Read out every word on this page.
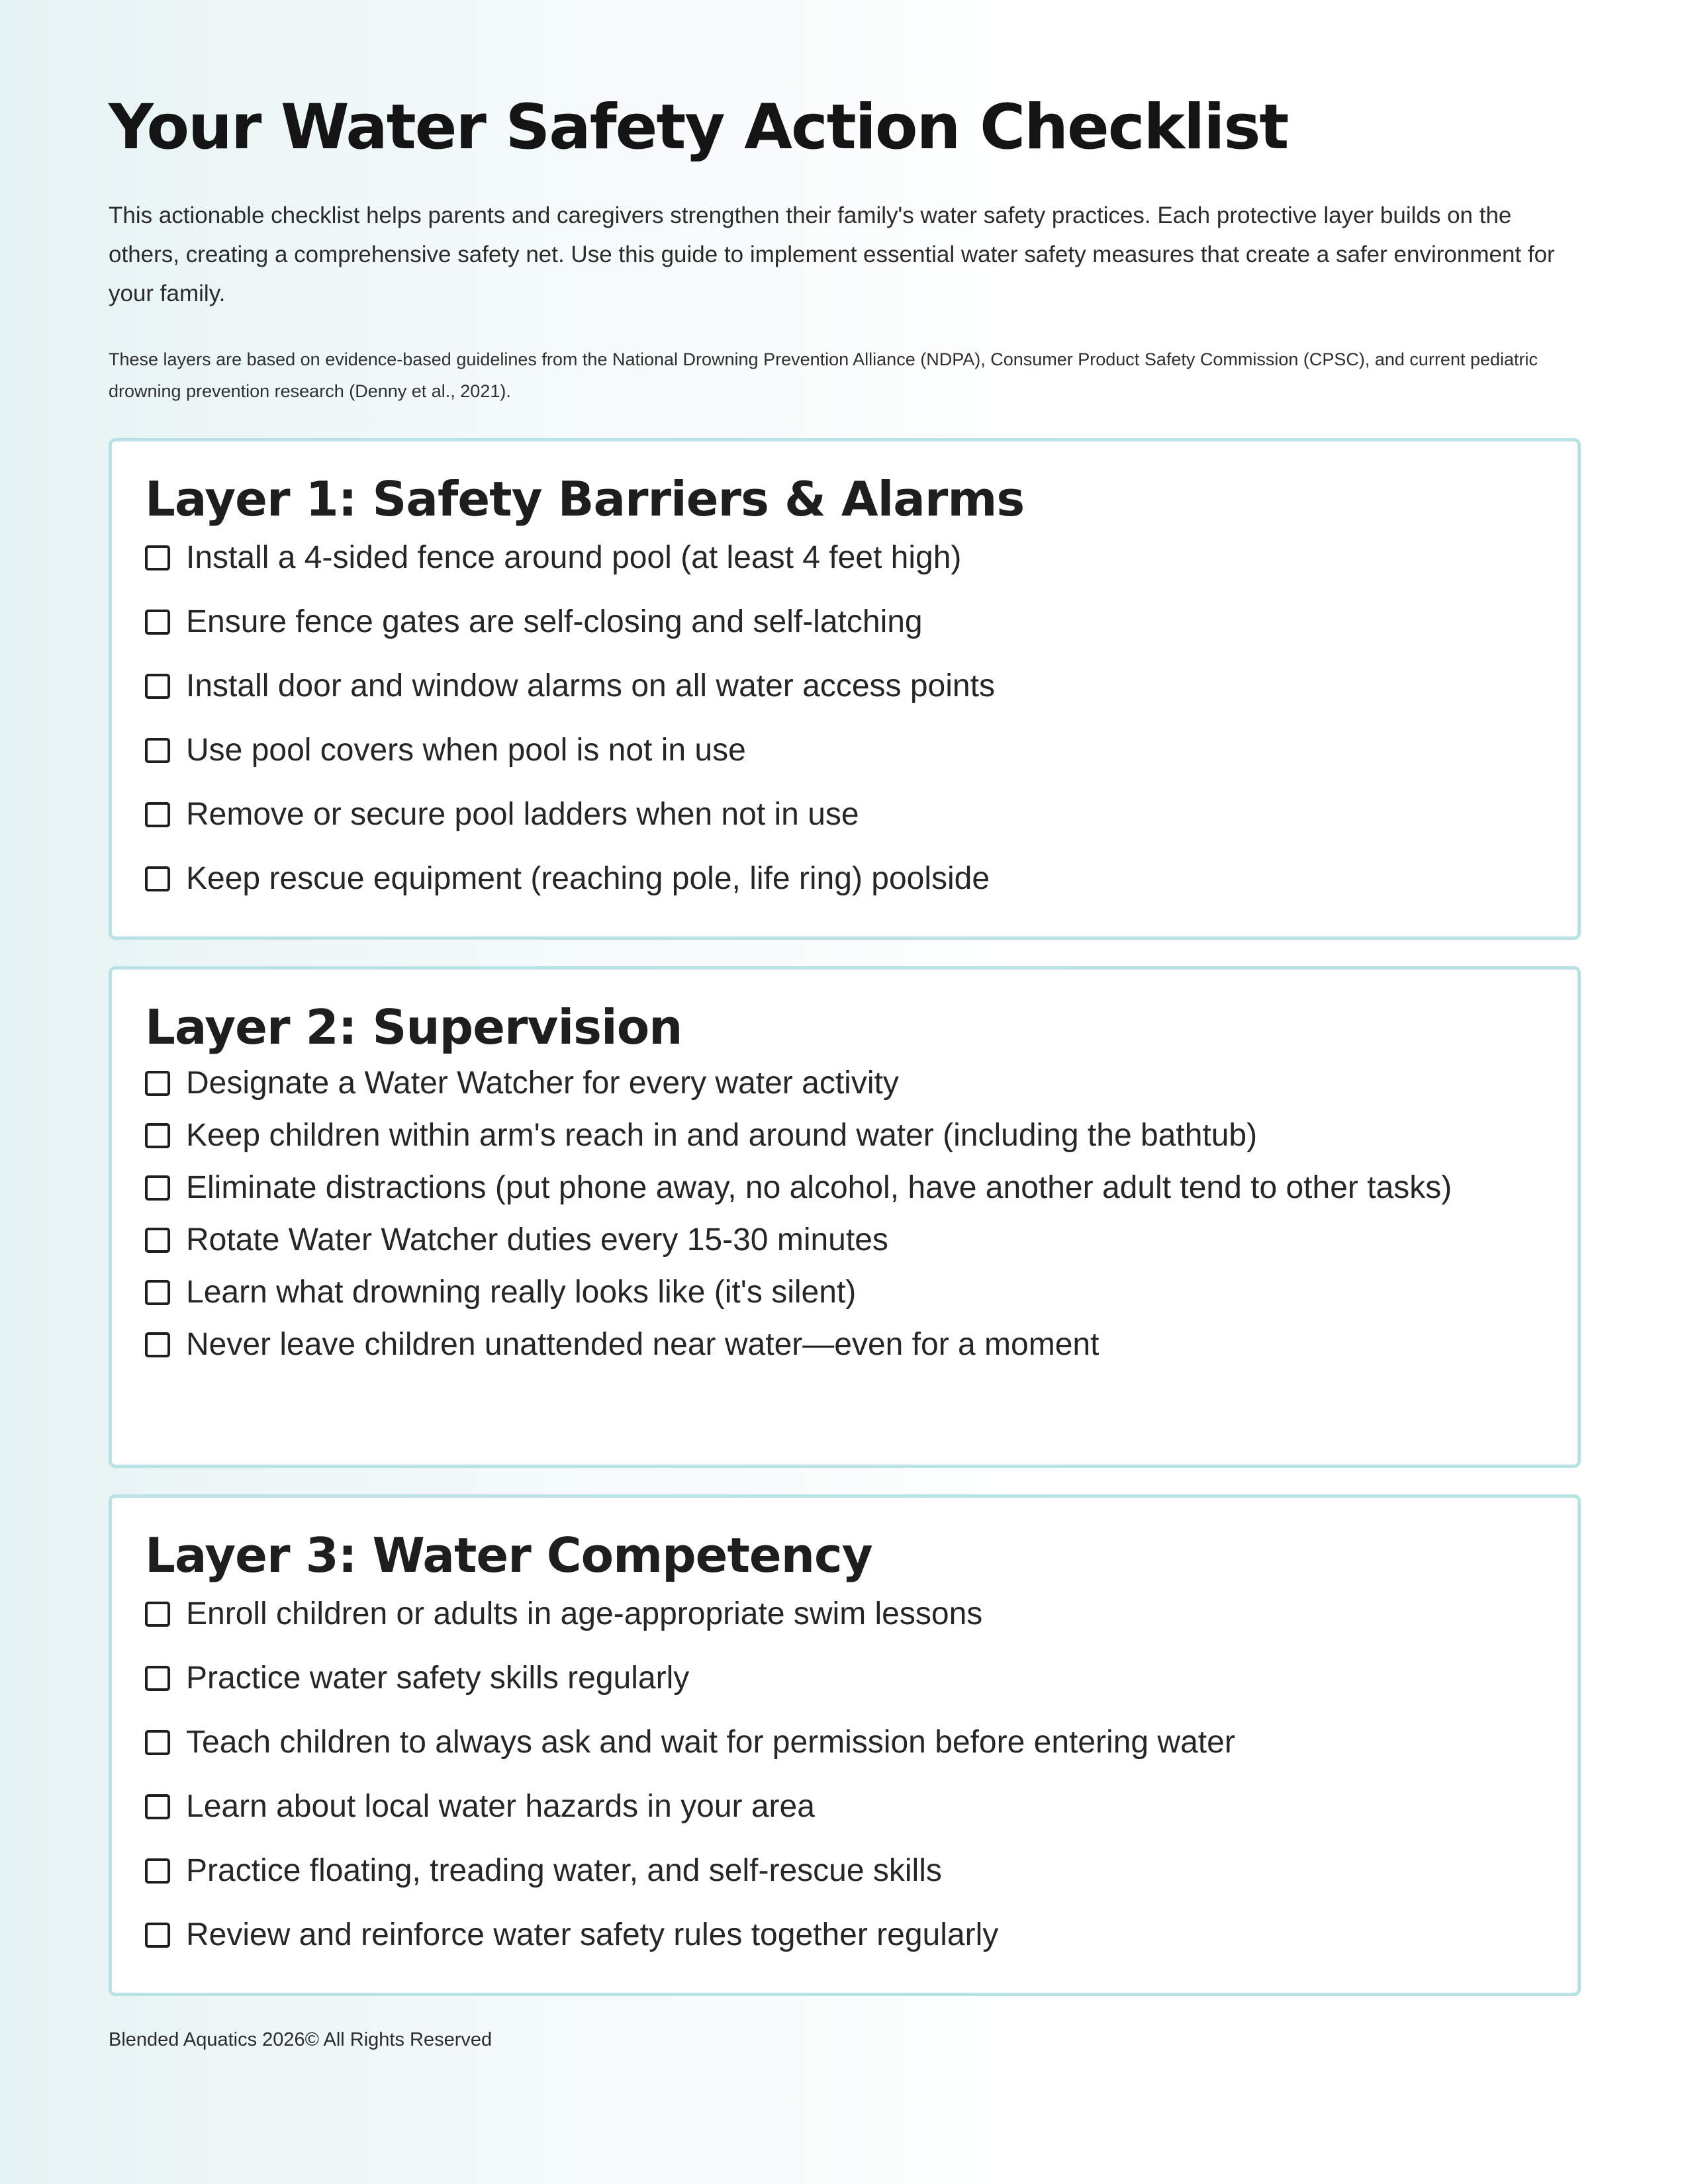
Your Water Safety Action Checklist
This actionable checklist helps parents and caregivers strengthen their family's water safety practices. Each protective layer builds on the others, creating a comprehensive safety net. Use this guide to implement essential water safety measures that create a safer environment for your family.
These layers are based on evidence-based guidelines from the National Drowning Prevention Alliance (NDPA), Consumer Product Safety Commission (CPSC), and current pediatric drowning prevention research (Denny et al., 2021).
Layer 1: Safety Barriers & Alarms
Install a 4-sided fence around pool (at least 4 feet high)
Ensure fence gates are self-closing and self-latching
Install door and window alarms on all water access points
Use pool covers when pool is not in use
Remove or secure pool ladders when not in use
Keep rescue equipment (reaching pole, life ring) poolside
Layer 2: Supervision
Designate a Water Watcher for every water activity
Keep children within arm's reach in and around water (including the bathtub)
Eliminate distractions (put phone away, no alcohol, have another adult tend to other tasks)
Rotate Water Watcher duties every 15-30 minutes
Learn what drowning really looks like (it's silent)
Never leave children unattended near water—even for a moment
Layer 3: Water Competency
Enroll children or adults in age-appropriate swim lessons
Practice water safety skills regularly
Teach children to always ask and wait for permission before entering water
Learn about local water hazards in your area
Practice floating, treading water, and self-rescue skills
Review and reinforce water safety rules together regularly
Blended Aquatics 2026© All Rights Reserved
